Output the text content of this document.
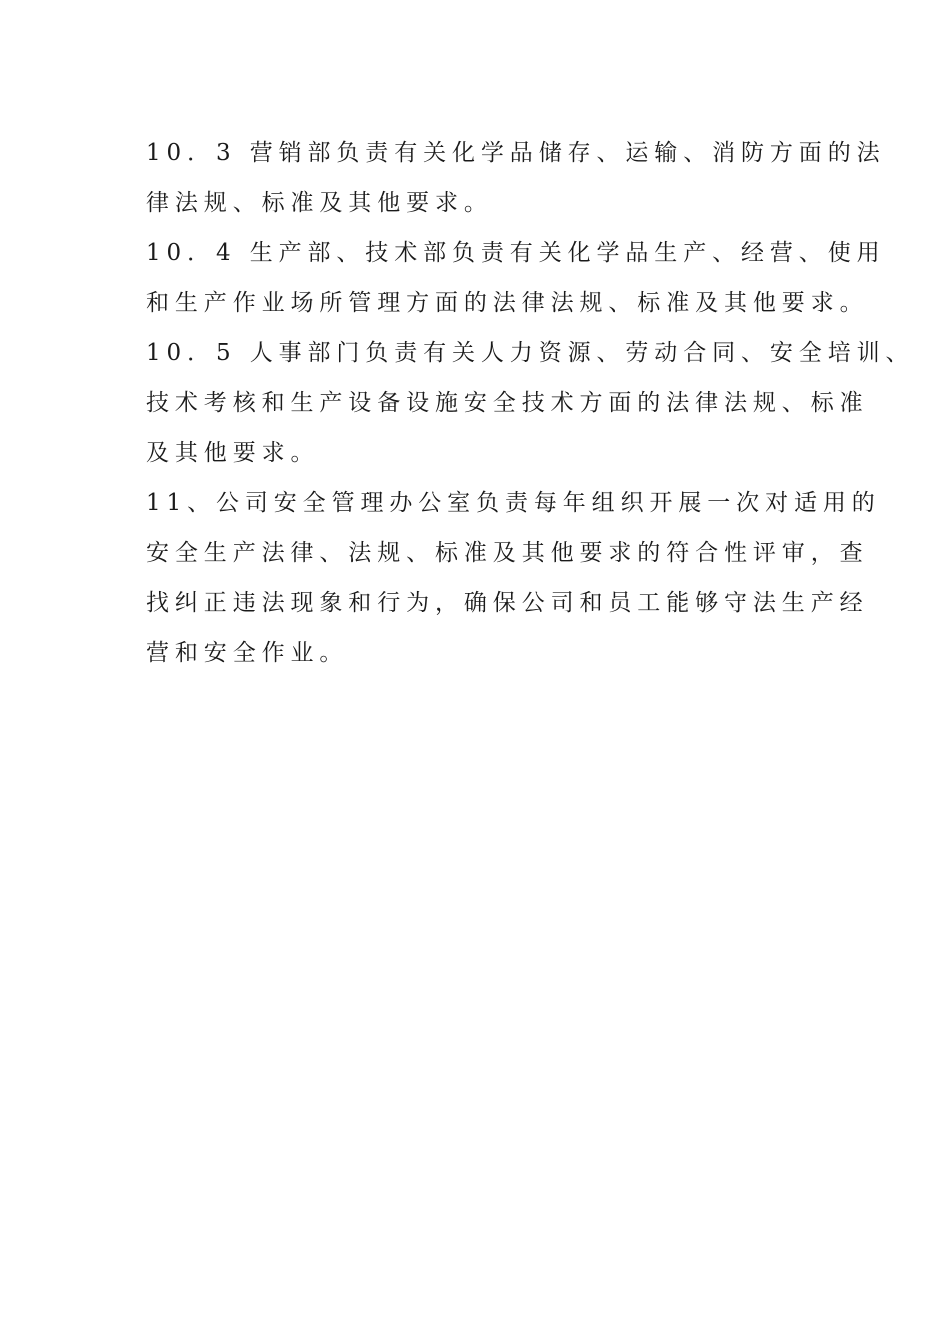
10．3 营销部负责有关化学品储存、运输、消防方面的法
律法规、标准及其他要求。
10．4 生产部、技术部负责有关化学品生产、经营、使用
和生产作业场所管理方面的法律法规、标准及其他要求。
10．5 人事部门负责有关人力资源、劳动合同、安全培训、
技术考核和生产设备设施安全技术方面的法律法规、标准
及其他要求。
11、公司安全管理办公室负责每年组织开展一次对适用的
安全生产法律、法规、标准及其他要求的符合性评审，查
找纠正违法现象和行为，确保公司和员工能够守法生产经
营和安全作业。
